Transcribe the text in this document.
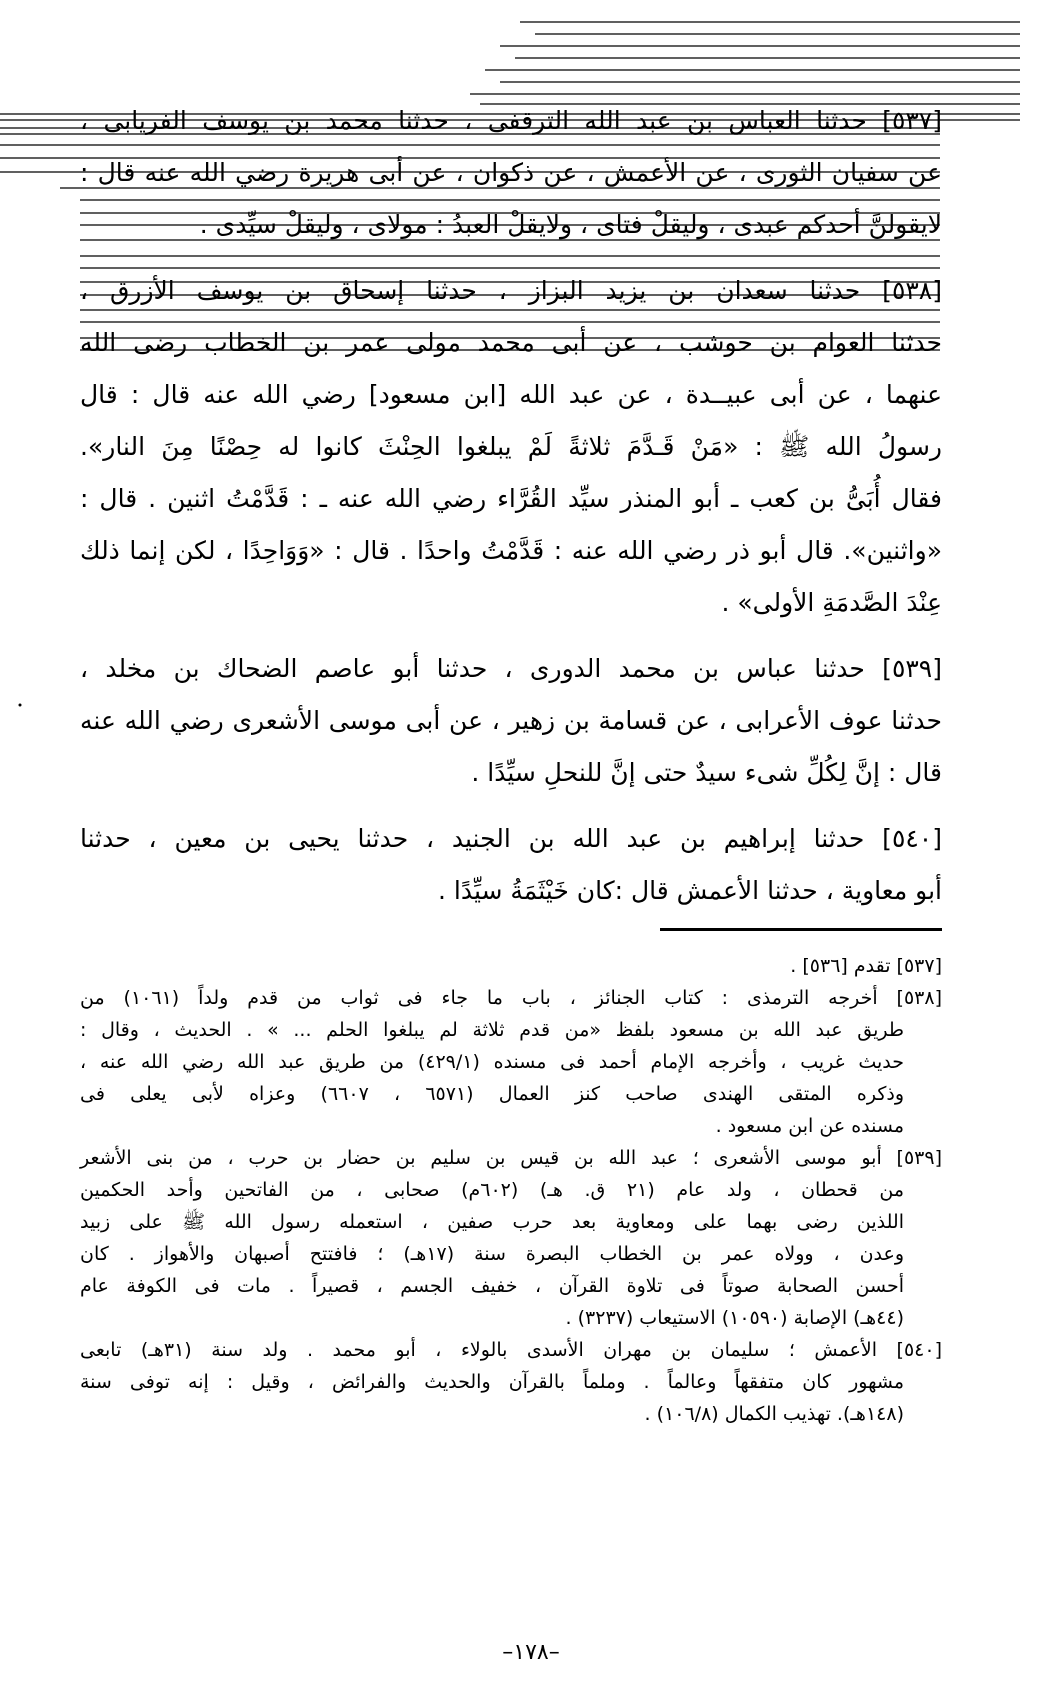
[٥٣٧] حدثنا العباس بن عبد الله الترقفى ، حدثنا محمد بن يوسف الفريابى ،
عن سفيان الثورى ، عن الأعمش ، عن ذكوان ، عن أبى هريرة رضي الله عنه قال :
لايقولنَّ أحدكم عبدى ، وليقلْ فتاى ، ولايقلْ العبدُ : مولاى ، وليقلْ سيِّدى .

[٥٣٨] حدثنا سعدان بن يزيد البزاز ، حدثنا إسحاق بن يوسف الأزرق ،
حدثنا العوام بن حوشب ، عن أبى محمد مولى عمر بن الخطاب رضى الله
عنهما ، عن أبى عبيــدة ، عن عبد الله [ابن مسعود] رضي الله عنه قال : قال
رسولُ الله ﷺ : «مَنْ قَـدَّمَ ثلاثةً لَمْ يبلغوا الحِنْثَ كانوا له حِصْنًا مِنَ النار».
فقال أُبَىُّ بن كعب ـ أبو المنذر سيِّد القُرَّاء رضي الله عنه ـ : قَدَّمْتُ اثنين . قال :
«واثنين». قال أبو ذر رضي الله عنه : قَدَّمْتُ واحدًا . قال : «وَوَاحِدًا ، لكن إنما ذلك
عِنْدَ الصَّدمَةِ الأولى» .

[٥٣٩] حدثنا عباس بن محمد الدورى ، حدثنا أبو عاصم الضحاك بن مخلد ،
حدثنا عوف الأعرابى ، عن قسامة بن زهير ، عن أبى موسى الأشعرى رضي الله عنه
قال : إنَّ لِكُلِّ شىء سيدٌ حتى إنَّ للنحلِ سيِّدًا .

[٥٤٠] حدثنا إبراهيم بن عبد الله بن الجنيد ، حدثنا يحيى بن معين ، حدثنا
أبو معاوية ، حدثنا الأعمش قال :كان خَيْثَمَةُ سيِّدًا .

[٥٣٧] تقدم [٥٣٦] .
[٥٣٨] أخرجه الترمذى : كتاب الجنائز ، باب ما جاء فى ثواب من قدم ولداً (١٠٦١) من
طريق عبد الله بن مسعود بلفظ «من قدم ثلاثة لم يبلغوا الحلم ... » . الحديث ، وقال :
حديث غريب ، وأخرجه الإمام أحمد فى مسنده (٤٢٩/١) من طريق عبد الله رضي الله عنه ،
وذكره المتقى الهندى صاحب كنز العمال (٦٥٧١ ، ٦٦٠٧) وعزاه لأبى يعلى فى
مسنده عن ابن مسعود .
[٥٣٩] أبو موسى الأشعرى ؛ عبد الله بن قيس بن سليم بن حضار بن حرب ، من بنى الأشعر
من قحطان ، ولد عام (٢١ ق. هـ) (٦٠٢م) صحابى ، من الفاتحين وأحد الحكمين
اللذين رضى بهما على ومعاوية بعد حرب صفين ، استعمله رسول الله ﷺ على زبيد
وعدن ، وولاه عمر بن الخطاب البصرة سنة (١٧هـ) ؛ فافتتح أصبهان والأهواز . كان
أحسن الصحابة صوتاً فى تلاوة القرآن ، خفيف الجسم ، قصيراً . مات فى الكوفة عام
(٤٤هـ) الإصابة (١٠٥٩٠) الاستيعاب (٣٢٣٧) .
[٥٤٠] الأعمش ؛ سليمان بن مهران الأسدى بالولاء ، أبو محمد . ولد سنة (٣١هـ) تابعى
مشهور كان متفقهاً وعالماً . وملماً بالقرآن والحديث والفرائض ، وقيل : إنه توفى سنة
(١٤٨هـ). تهذيب الكمال (١٠٦/٨) .
–١٧٨–
